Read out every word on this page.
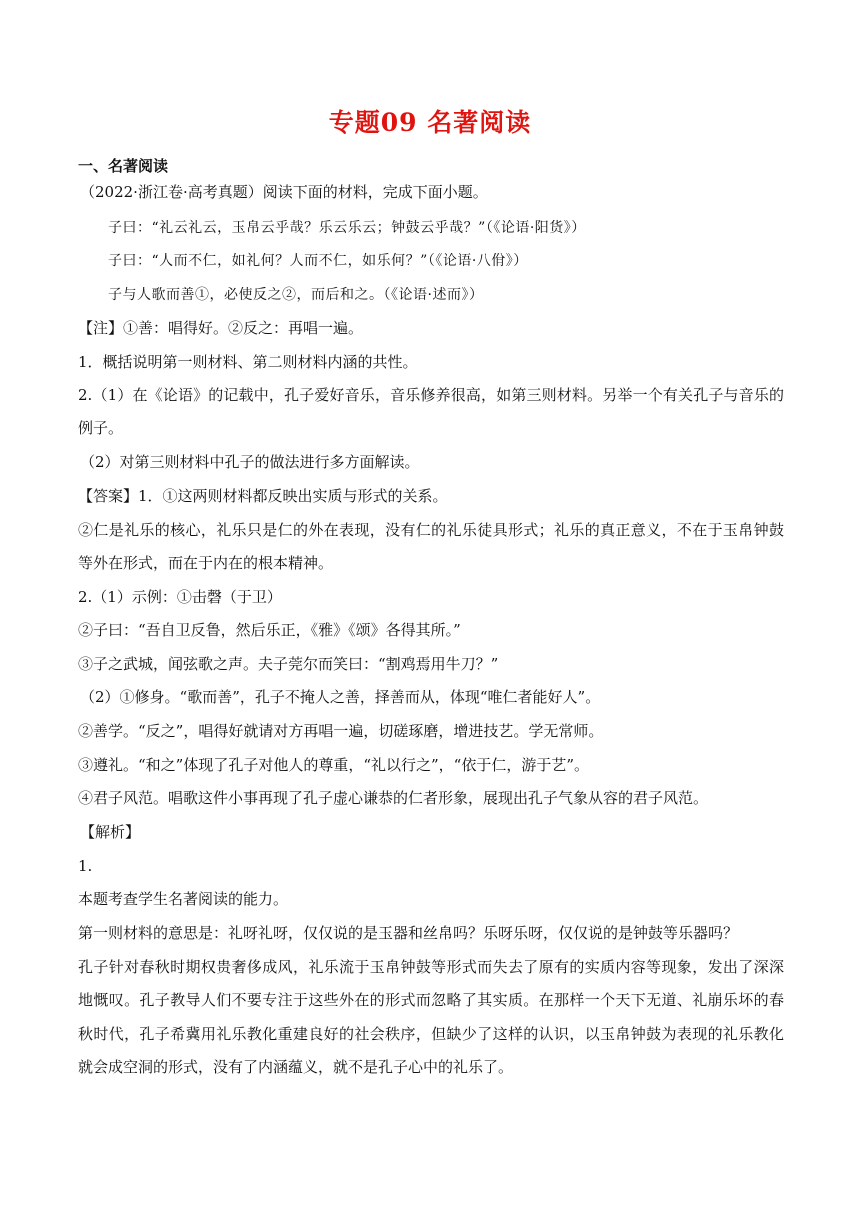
专题09 名著阅读
一、名著阅读
（2022·浙江卷·高考真题）阅读下面的材料，完成下面小题。
子曰：“礼云礼云，玉帛云乎哉？乐云乐云；钟鼓云乎哉？”（《论语·阳货》）
子曰：“人而不仁，如礼何？人而不仁，如乐何？”（《论语·八佾》）
子与人歌而善①，必使反之②，而后和之。（《论语·述而》）
【注】①善：唱得好。②反之：再唱一遍。
1．概括说明第一则材料、第二则材料内涵的共性。
2.（1）在《论语》的记载中，孔子爱好音乐，音乐修养很高，如第三则材料。另举一个有关孔子与音乐的
例子。
（2）对第三则材料中孔子的做法进行多方面解读。
【答案】1．①这两则材料都反映出实质与形式的关系。
②仁是礼乐的核心，礼乐只是仁的外在表现，没有仁的礼乐徒具形式；礼乐的真正意义，不在于玉帛钟鼓
等外在形式，而在于内在的根本精神。
2.（1）示例：①击磬（于卫）
②子曰：“吾自卫反鲁，然后乐正，《雅》《颂》各得其所。”
③子之武城，闻弦歌之声。夫子莞尔而笑曰：“割鸡焉用牛刀？”
（2）①修身。“歌而善”，孔子不掩人之善，择善而从，体现“唯仁者能好人”。
②善学。“反之”，唱得好就请对方再唱一遍，切磋琢磨，增进技艺。学无常师。
③遵礼。“和之”体现了孔子对他人的尊重，“礼以行之”，“依于仁，游于艺”。
④君子风范。唱歌这件小事再现了孔子虚心谦恭的仁者形象，展现出孔子气象从容的君子风范。
【解析】
1.
本题考查学生名著阅读的能力。
第一则材料的意思是：礼呀礼呀，仅仅说的是玉器和丝帛吗？乐呀乐呀，仅仅说的是钟鼓等乐器吗？
孔子针对春秋时期权贵奢侈成风，礼乐流于玉帛钟鼓等形式而失去了原有的实质内容等现象，发出了深深
地慨叹。孔子教导人们不要专注于这些外在的形式而忽略了其实质。在那样一个天下无道、礼崩乐坏的春
秋时代，孔子希冀用礼乐教化重建良好的社会秩序，但缺少了这样的认识，以玉帛钟鼓为表现的礼乐教化
就会成空洞的形式，没有了内涵蕴义，就不是孔子心中的礼乐了。
